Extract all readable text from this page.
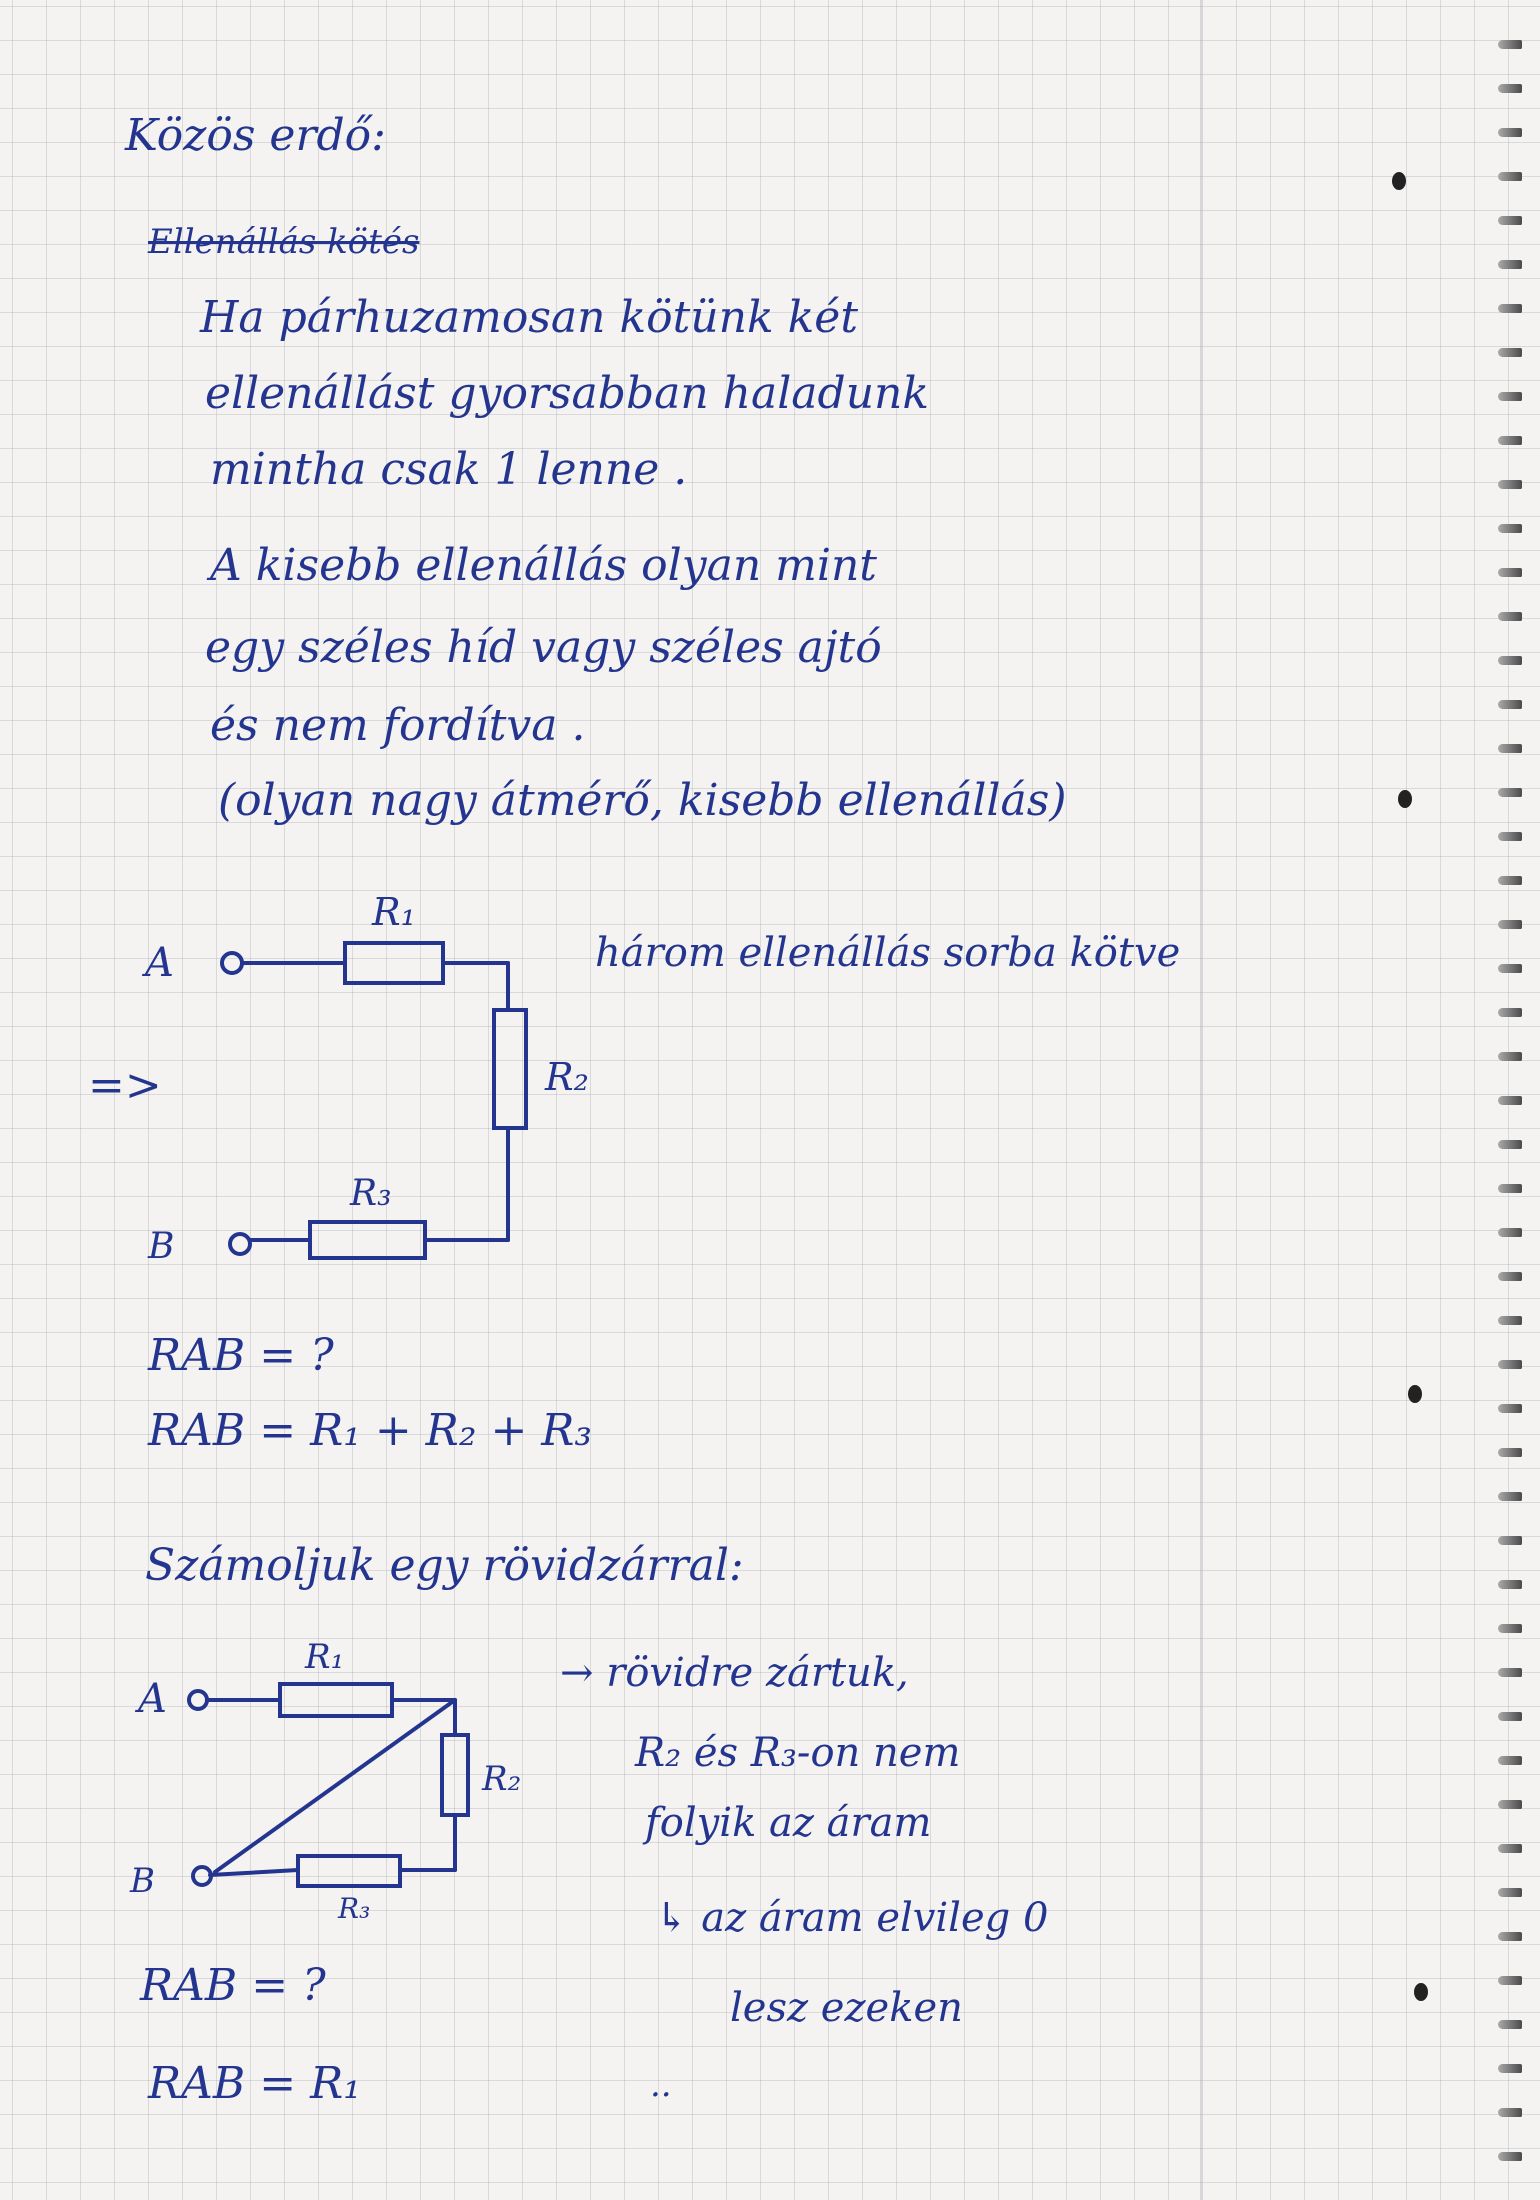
Közös erdő:
Ellenállás kötés
Ha párhuzamosan kötünk két
ellenállást gyorsabban haladunk
mintha csak 1 lenne .
A kisebb ellenállás olyan mint
egy széles híd vagy széles ajtó
és nem fordítva .
(olyan nagy átmérő, kisebb ellenállás)
=>
három ellenállás sorba kötve
A
B
R₁
R₂
R₃
RAB = ?
RAB = R₁ + R₂ + R₃
Számoljuk egy rövidzárral:
A
B
R₁
R₂
R₃
→ rövidre zártuk,
R₂ és R₃-on nem
folyik az áram
↳ az áram elvileg 0
lesz ezeken
RAB = ?
RAB = R₁	..
